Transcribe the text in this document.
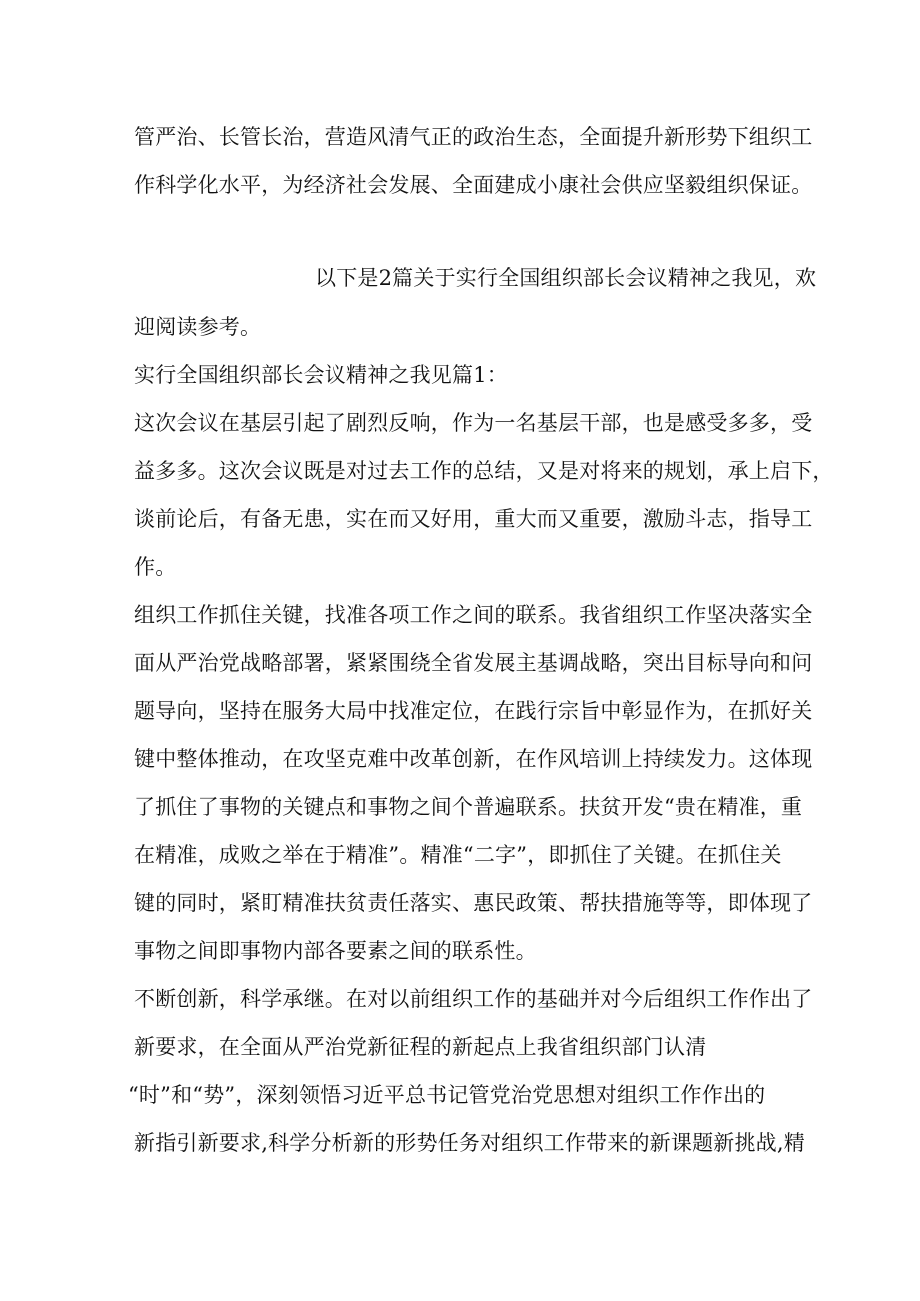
管严治、长管长治，营造风清气正的政治生态，全面提升新形势下组织工
作科学化水平，为经济社会发展、全面建成小康社会供应坚毅组织保证。
以下是2篇关于实行全国组织部长会议精神之我见，欢
迎阅读参考。
实行全国组织部长会议精神之我见篇1：
这次会议在基层引起了剧烈反响，作为一名基层干部，也是感受多多，受
益多多。这次会议既是对过去工作的总结，又是对将来的规划，承上启下，
谈前论后，有备无患，实在而又好用，重大而又重要，激励斗志，指导工
作。
组织工作抓住关键，找准各项工作之间的联系。我省组织工作坚决落实全
面从严治党战略部署，紧紧围绕全省发展主基调战略，突出目标导向和问
题导向，坚持在服务大局中找准定位，在践行宗旨中彰显作为，在抓好关
键中整体推动，在攻坚克难中改革创新，在作风培训上持续发力。这体现
了抓住了事物的关键点和事物之间个普遍联系。扶贫开发“贵在精准，重
在精准，成败之举在于精准”。精准“二字”，即抓住了关键。在抓住关
键的同时，紧盯精准扶贫责任落实、惠民政策、帮扶措施等等，即体现了
事物之间即事物内部各要素之间的联系性。
不断创新，科学承继。在对以前组织工作的基础并对今后组织工作作出了
新要求，在全面从严治党新征程的新起点上我省组织部门认清
“时”和“势”，深刻领悟习近平总书记管党治党思想对组织工作作出的
新指引新要求,科学分析新的形势任务对组织工作带来的新课题新挑战,精
